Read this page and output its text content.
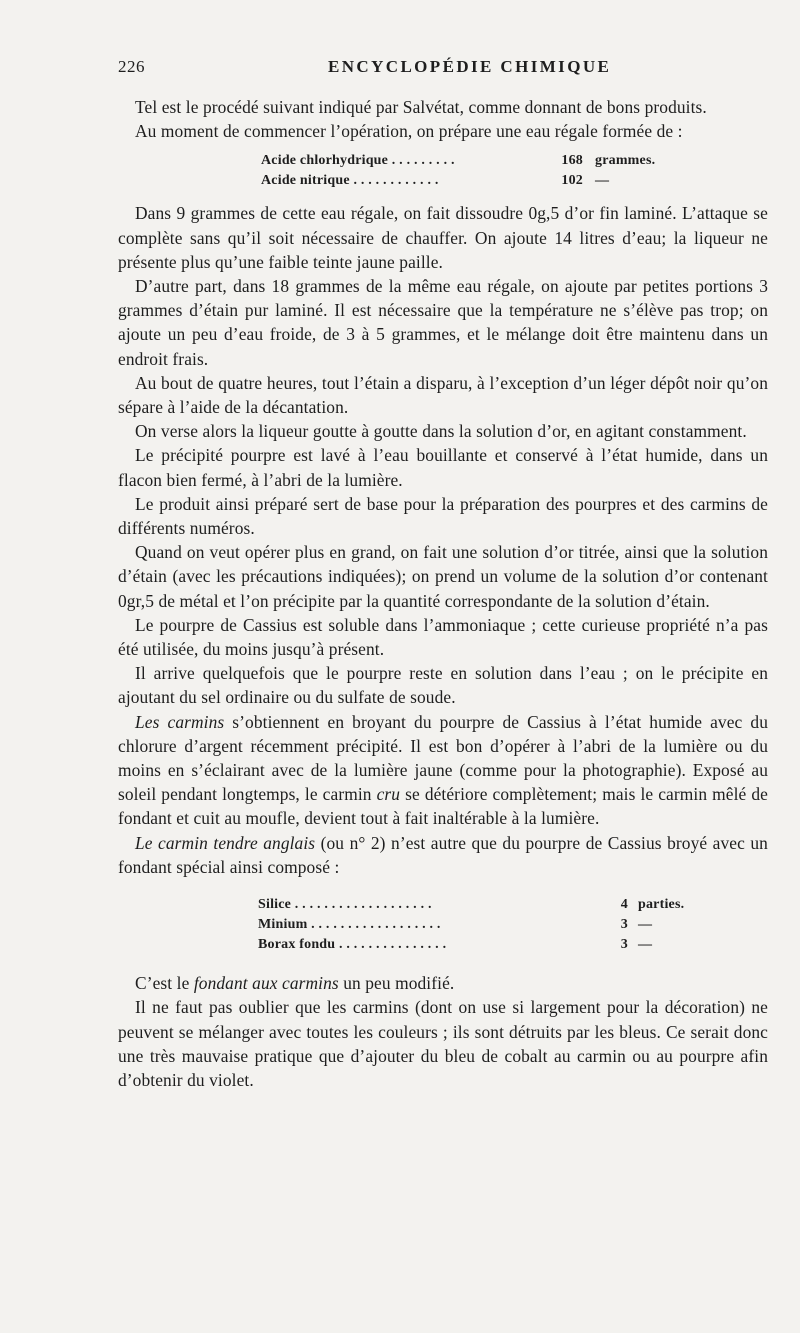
226	ENCYCLOPÉDIE CHIMIQUE

Tel est le procédé suivant indiqué par Salvétat, comme donnant de bons produits.

Au moment de commencer l’opération, on prépare une eau régale formée de :

Acide chlorhydrique . . . . . . . . .	168 grammes.
Acide nitrique . . . . . . . . . . . .	102 —

Dans 9 grammes de cette eau régale, on fait dissoudre 0g,5 d’or fin laminé. L’attaque se complète sans qu’il soit nécessaire de chauffer. On ajoute 14 litres d’eau; la liqueur ne présente plus qu’une faible teinte jaune paille.

D’autre part, dans 18 grammes de la même eau régale, on ajoute par petites portions 3 grammes d’étain pur laminé. Il est nécessaire que la température ne s’élève pas trop; on ajoute un peu d’eau froide, de 3 à 5 grammes, et le mélange doit être maintenu dans un endroit frais.

Au bout de quatre heures, tout l’étain a disparu, à l’exception d’un léger dépôt noir qu’on sépare à l’aide de la décantation.

On verse alors la liqueur goutte à goutte dans la solution d’or, en agitant constamment.

Le précipité pourpre est lavé à l’eau bouillante et conservé à l’état humide, dans un flacon bien fermé, à l’abri de la lumière.

Le produit ainsi préparé sert de base pour la préparation des pourpres et des carmins de différents numéros.

Quand on veut opérer plus en grand, on fait une solution d’or titrée, ainsi que la solution d’étain (avec les précautions indiquées); on prend un volume de la solution d’or contenant 0gr,5 de métal et l’on précipite par la quantité correspondante de la solution d’étain.

Le pourpre de Cassius est soluble dans l’ammoniaque ; cette curieuse propriété n’a pas été utilisée, du moins jusqu’à présent.

Il arrive quelquefois que le pourpre reste en solution dans l’eau ; on le précipite en ajoutant du sel ordinaire ou du sulfate de soude.

Les carmins s’obtiennent en broyant du pourpre de Cassius à l’état humide avec du chlorure d’argent récemment précipité. Il est bon d’opérer à l’abri de la lumière ou du moins en s’éclairant avec de la lumière jaune (comme pour la photographie). Exposé au soleil pendant longtemps, le carmin cru se détériore complètement; mais le carmin mêlé de fondant et cuit au moufle, devient tout à fait inaltérable à la lumière.

Le carmin tendre anglais (ou n° 2) n’est autre que du pourpre de Cassius broyé avec un fondant spécial ainsi composé :

Silice . . . . . . . . . . . . . . . . . . .	4 parties.
Minium . . . . . . . . . . . . . . . . . .	3 —
Borax fondu . . . . . . . . . . . . . . .	3 —

C’est le fondant aux carmins un peu modifié.

Il ne faut pas oublier que les carmins (dont on use si largement pour la décoration) ne peuvent se mélanger avec toutes les couleurs ; ils sont détruits par les bleus. Ce serait donc une très mauvaise pratique que d’ajouter du bleu de cobalt au carmin ou au pourpre afin d’obtenir du violet.
